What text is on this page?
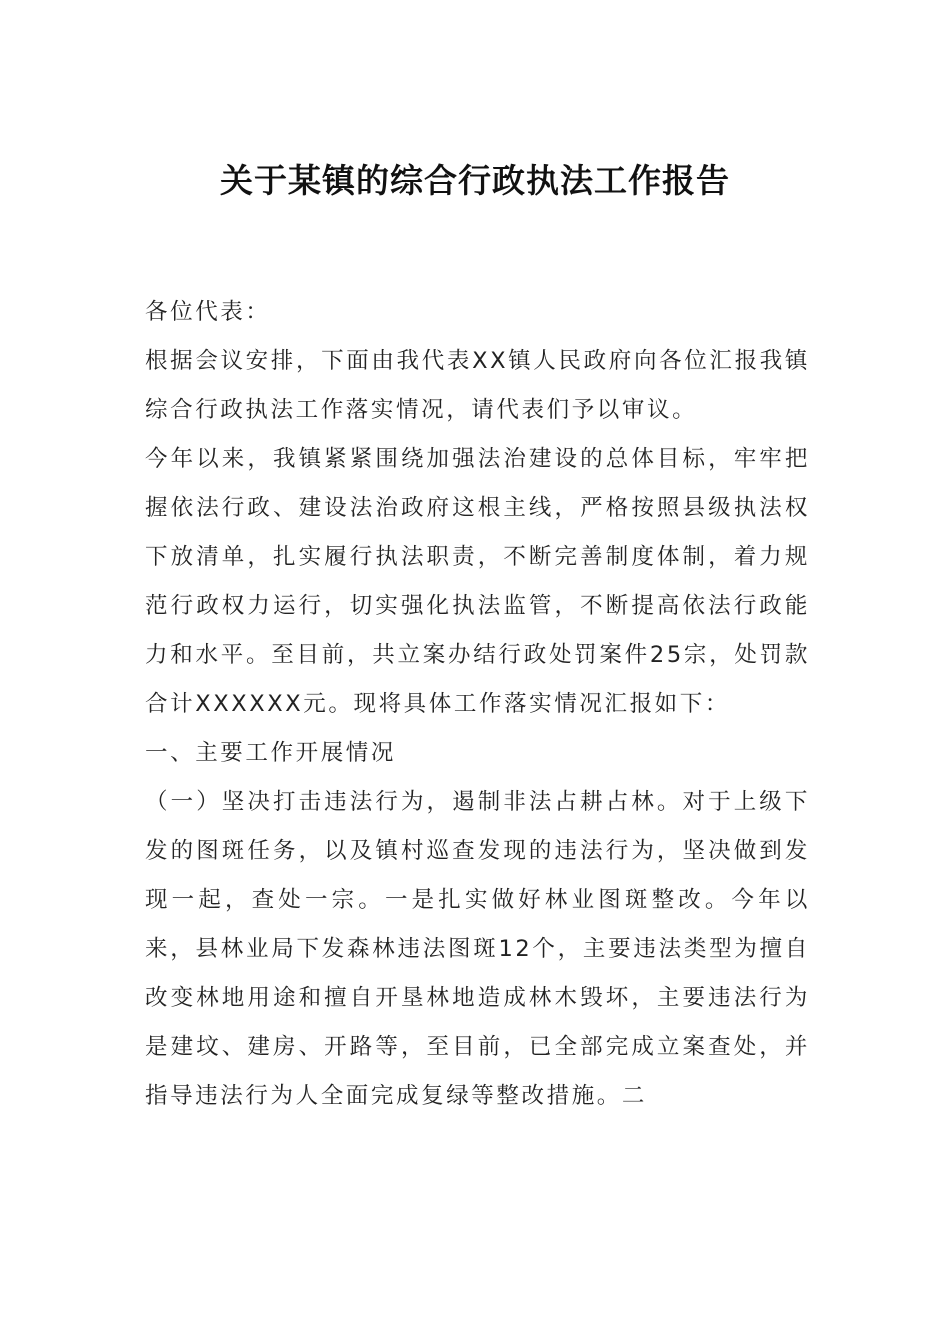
关于某镇的综合行政执法工作报告

各位代表：

根据会议安排，下面由我代表XX镇人民政府向各位汇报我镇综合行政执法工作落实情况，请代表们予以审议。

今年以来，我镇紧紧围绕加强法治建设的总体目标，牢牢把握依法行政、建设法治政府这根主线，严格按照县级执法权下放清单，扎实履行执法职责，不断完善制度体制，着力规范行政权力运行，切实强化执法监管，不断提高依法行政能力和水平。至目前，共立案办结行政处罚案件25宗，处罚款合计XXXXXX元。现将具体工作落实情况汇报如下：

一、主要工作开展情况

（一）坚决打击违法行为，遏制非法占耕占林。对于上级下发的图斑任务，以及镇村巡查发现的违法行为，坚决做到发现一起，查处一宗。一是扎实做好林业图斑整改。今年以来，县林业局下发森林违法图斑12个，主要违法类型为擅自改变林地用途和擅自开垦林地造成林木毁坏，主要违法行为是建坟、建房、开路等，至目前，已全部完成立案查处，并指导违法行为人全面完成复绿等整改措施。二
